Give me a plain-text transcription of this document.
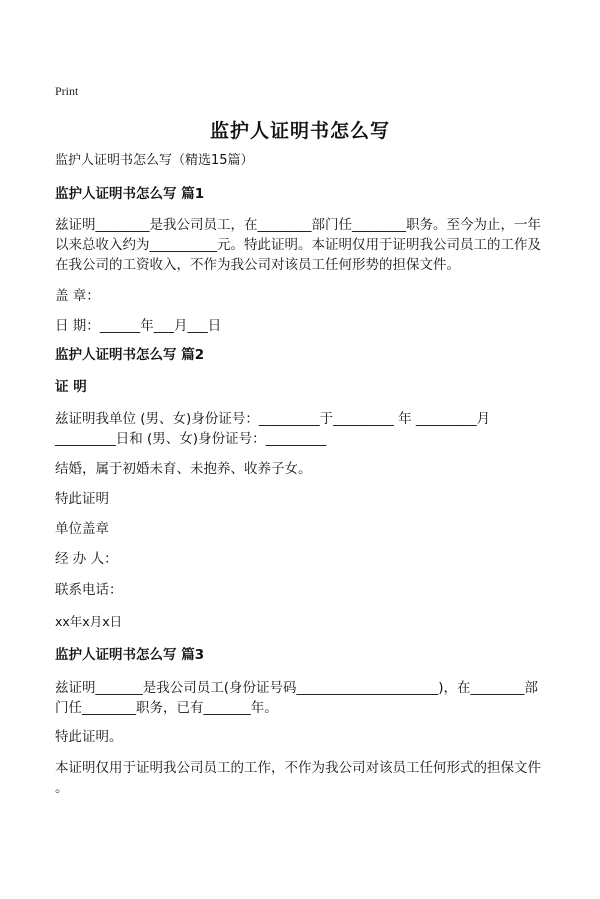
Print
监护人证明书怎么写
监护人证明书怎么写（精选15篇）
监护人证明书怎么写 篇1
兹证明________是我公司员工，在________部门任________职务。至今为止，一年
以来总收入约为__________元。特此证明。本证明仅用于证明我公司员工的工作及
在我公司的工资收入，不作为我公司对该员工任何形势的担保文件。
盖 章：
日 期：______年___月___日
监护人证明书怎么写 篇2
证 明
兹证明我单位 (男、女)身份证号：_________于_________ 年 _________月
_________日和 (男、女)身份证号：_________
结婚，属于初婚未育、未抱养、收养子女。
特此证明
单位盖章
经 办 人：
联系电话：
xx年x月x日
监护人证明书怎么写 篇3
兹证明_______是我公司员工(身份证号码_____________________)，在________部
门任________职务，已有_______年。
特此证明。
本证明仅用于证明我公司员工的工作，不作为我公司对该员工任何形式的担保文件
。
